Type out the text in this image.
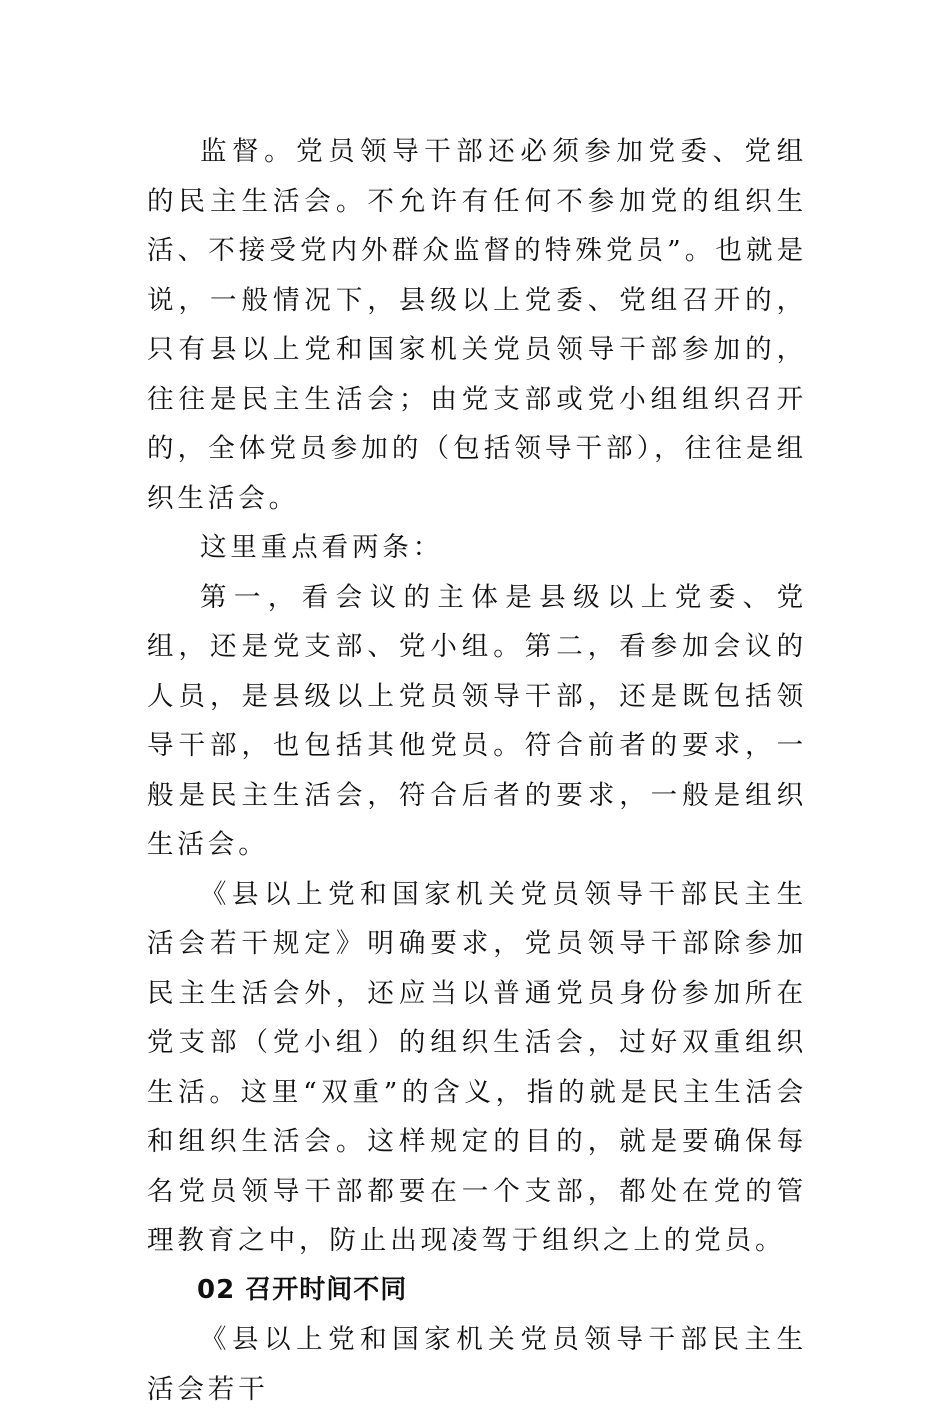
监督。党员领导干部还必须参加党委、党组的民主生活会。不允许有任何不参加党的组织生活、不接受党内外群众监督的特殊党员”。也就是说，一般情况下，县级以上党委、党组召开的，只有县以上党和国家机关党员领导干部参加的，往往是民主生活会；由党支部或党小组组织召开的，全体党员参加的（包括领导干部），往往是组织生活会。

这里重点看两条：

第一，看会议的主体是县级以上党委、党组，还是党支部、党小组。第二，看参加会议的人员，是县级以上党员领导干部，还是既包括领导干部，也包括其他党员。符合前者的要求，一般是民主生活会，符合后者的要求，一般是组织生活会。

《县以上党和国家机关党员领导干部民主生活会若干规定》明确要求，党员领导干部除参加民主生活会外，还应当以普通党员身份参加所在党支部（党小组）的组织生活会，过好双重组织生活。这里“双重”的含义，指的就是民主生活会和组织生活会。这样规定的目的，就是要确保每名党员领导干部都要在一个支部，都处在党的管理教育之中，防止出现凌驾于组织之上的党员。

02 召开时间不同

《县以上党和国家机关党员领导干部民主生活会若干
